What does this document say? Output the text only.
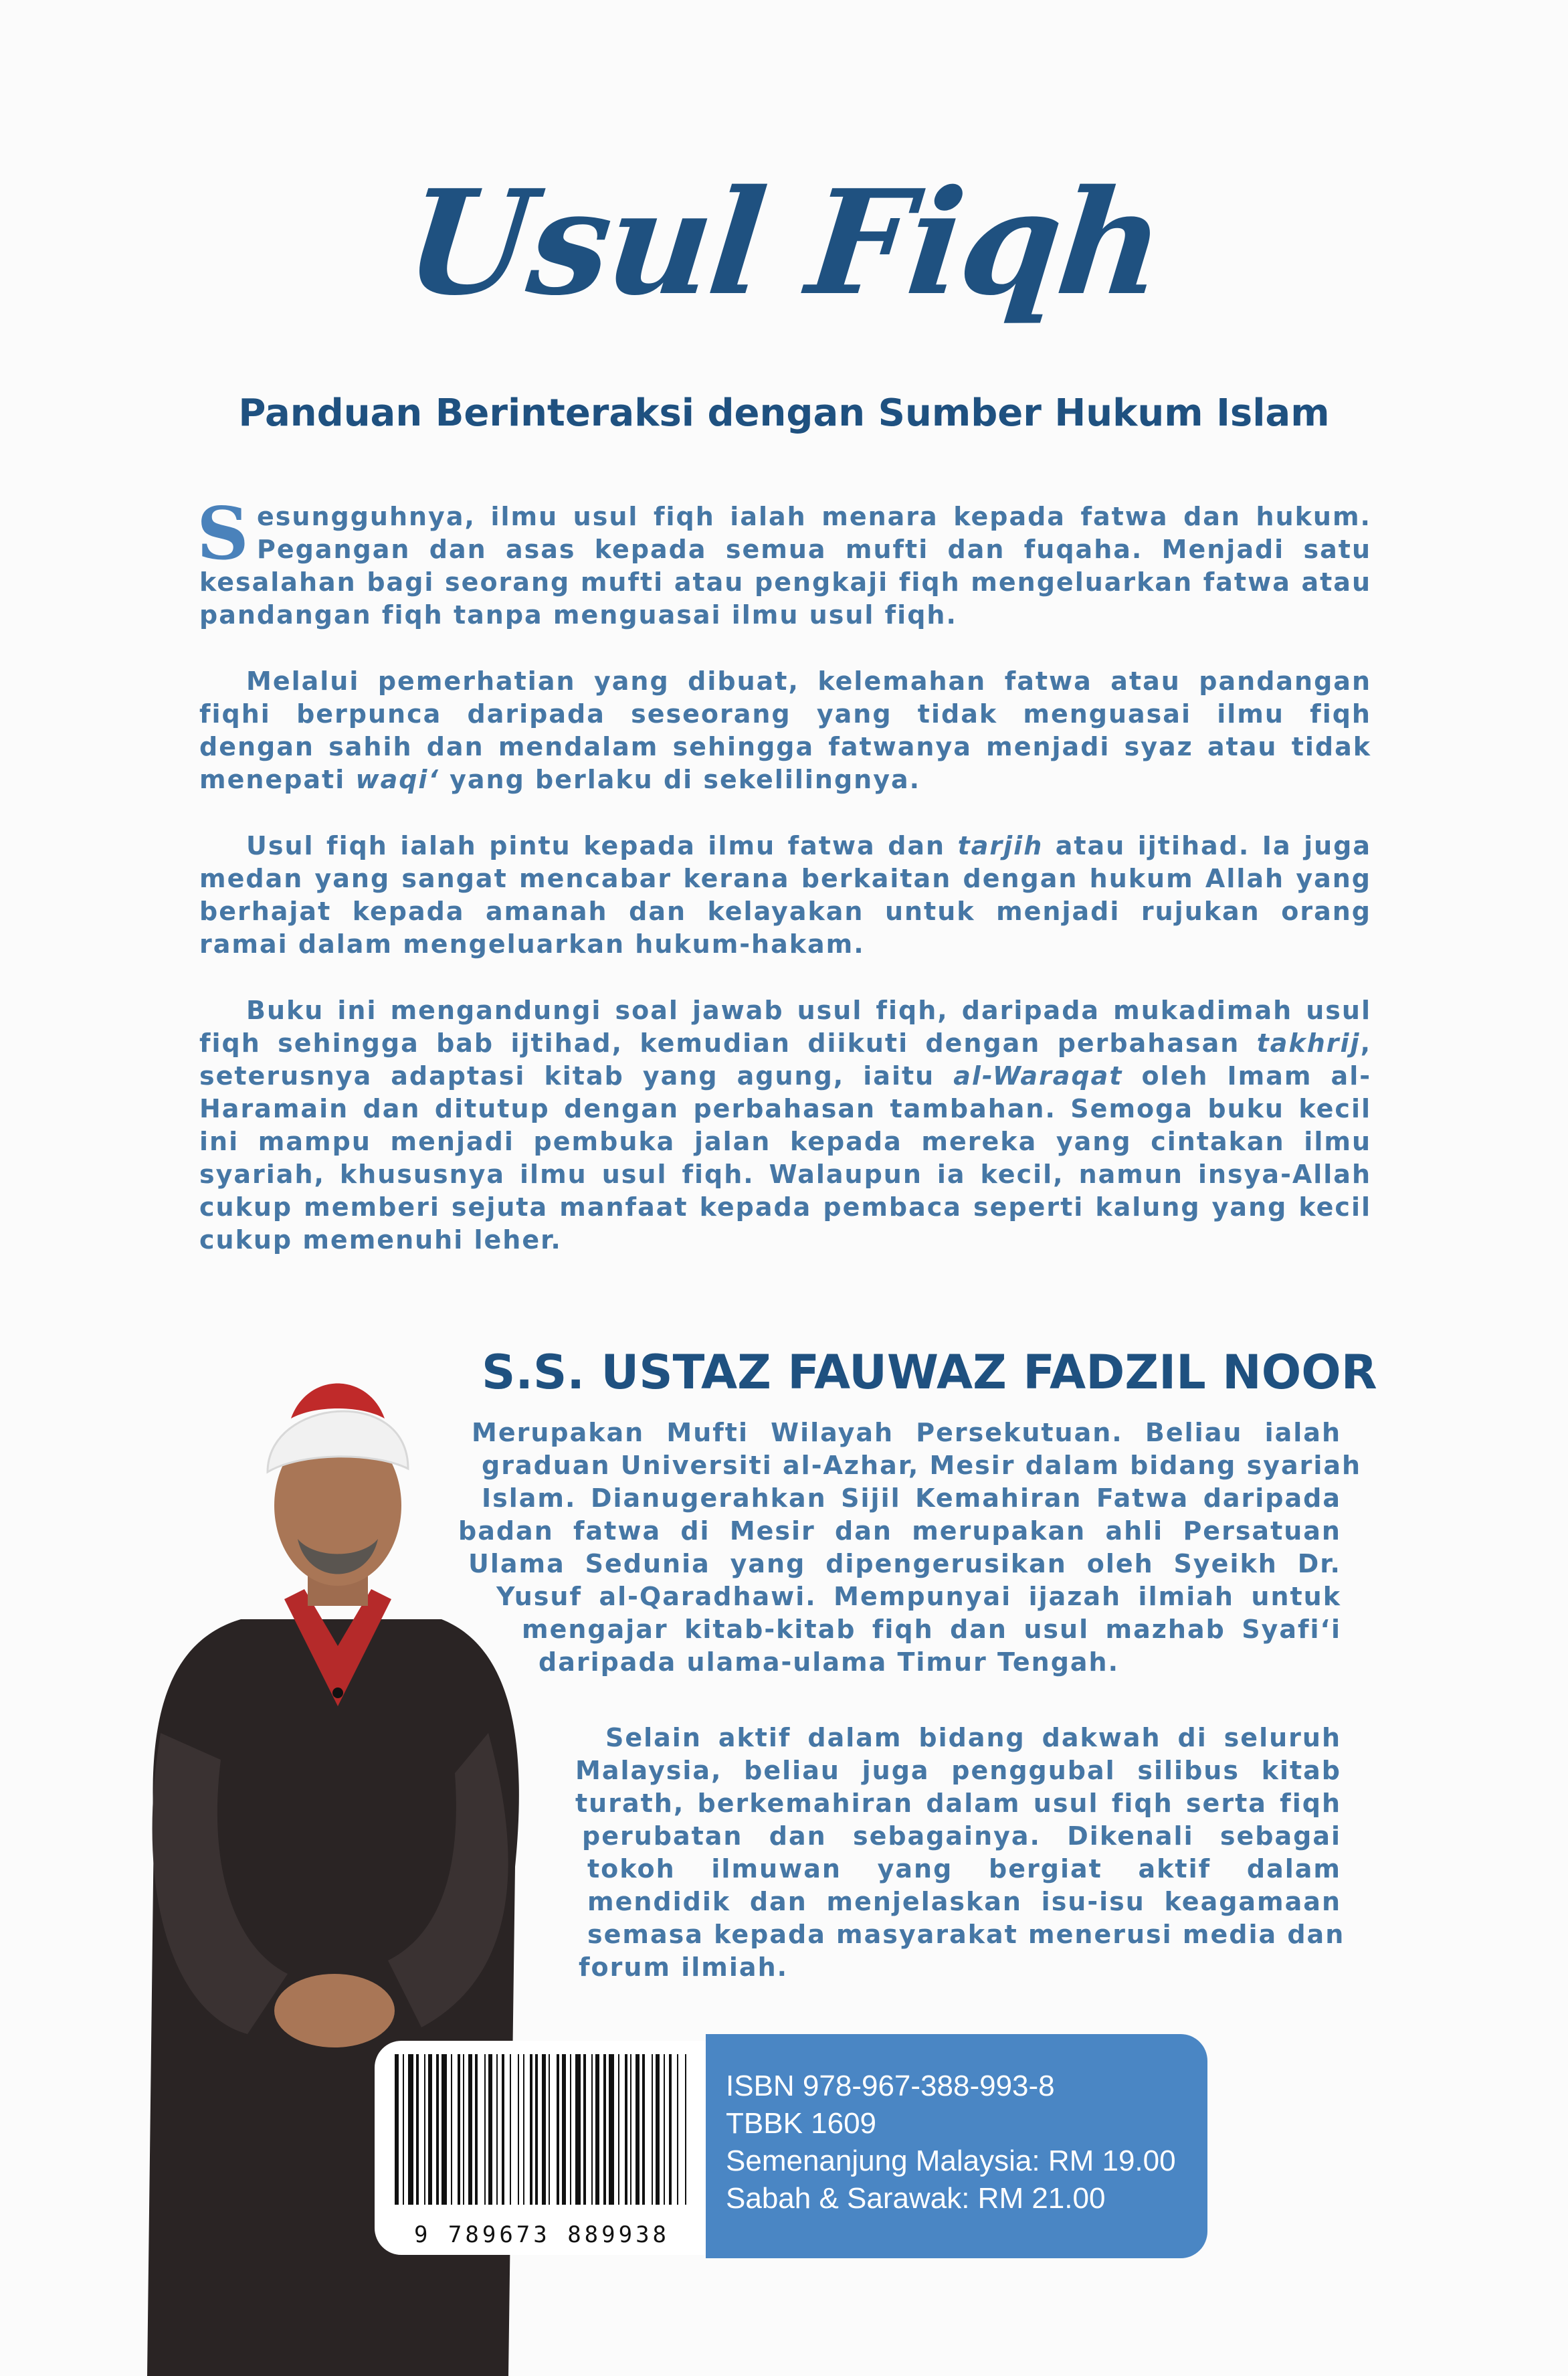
Usul Fiqh
Panduan Berinteraksi dengan Sumber Hukum Islam

Sesungguhnya, ilmu usul fiqh ialah menara kepada fatwa dan hukum. Pegangan dan asas kepada semua mufti dan fuqaha. Menjadi satu kesalahan bagi seorang mufti atau pengkaji fiqh mengeluarkan fatwa atau pandangan fiqh tanpa menguasai ilmu usul fiqh.

Melalui pemerhatian yang dibuat, kelemahan fatwa atau pandangan fiqhi berpunca daripada seseorang yang tidak menguasai ilmu fiqh dengan sahih dan mendalam sehingga fatwanya menjadi syaz atau tidak menepati waqi‘ yang berlaku di sekelilingnya.

Usul fiqh ialah pintu kepada ilmu fatwa dan tarjih atau ijtihad. Ia juga medan yang sangat mencabar kerana berkaitan dengan hukum Allah yang berhajat kepada amanah dan kelayakan untuk menjadi rujukan orang ramai dalam mengeluarkan hukum-hakam.

Buku ini mengandungi soal jawab usul fiqh, daripada mukadimah usul fiqh sehingga bab ijtihad, kemudian diikuti dengan perbahasan takhrij, seterusnya adaptasi kitab yang agung, iaitu al-Waraqat oleh Imam al-Haramain dan ditutup dengan perbahasan tambahan. Semoga buku kecil ini mampu menjadi pembuka jalan kepada mereka yang cintakan ilmu syariah, khususnya ilmu usul fiqh. Walaupun ia kecil, namun insya-Allah cukup memberi sejuta manfaat kepada pembaca seperti kalung yang kecil cukup memenuhi leher.

S.S. USTAZ FAUWAZ FADZIL NOOR
Merupakan Mufti Wilayah Persekutuan. Beliau ialah
graduan Universiti al-Azhar, Mesir dalam bidang syariah
Islam. Dianugerahkan Sijil Kemahiran Fatwa daripada
badan fatwa di Mesir dan merupakan ahli Persatuan
Ulama Sedunia yang dipengerusikan oleh Syeikh Dr.
Yusuf al-Qaradhawi. Mempunyai ijazah ilmiah untuk
mengajar kitab-kitab fiqh dan usul mazhab Syafi‘i
daripada ulama-ulama Timur Tengah.
Selain aktif dalam bidang dakwah di seluruh
Malaysia, beliau juga penggubal silibus kitab
turath, berkemahiran dalam usul fiqh serta fiqh
perubatan dan sebagainya. Dikenali sebagai
tokoh ilmuwan yang bergiat aktif dalam
mendidik dan menjelaskan isu-isu keagamaan
semasa kepada masyarakat menerusi media dan
forum ilmiah.
9 789673 889938
ISBN 978-967-388-993-8
TBBK 1609
Semenanjung Malaysia: RM 19.00
Sabah & Sarawak: RM 21.00
